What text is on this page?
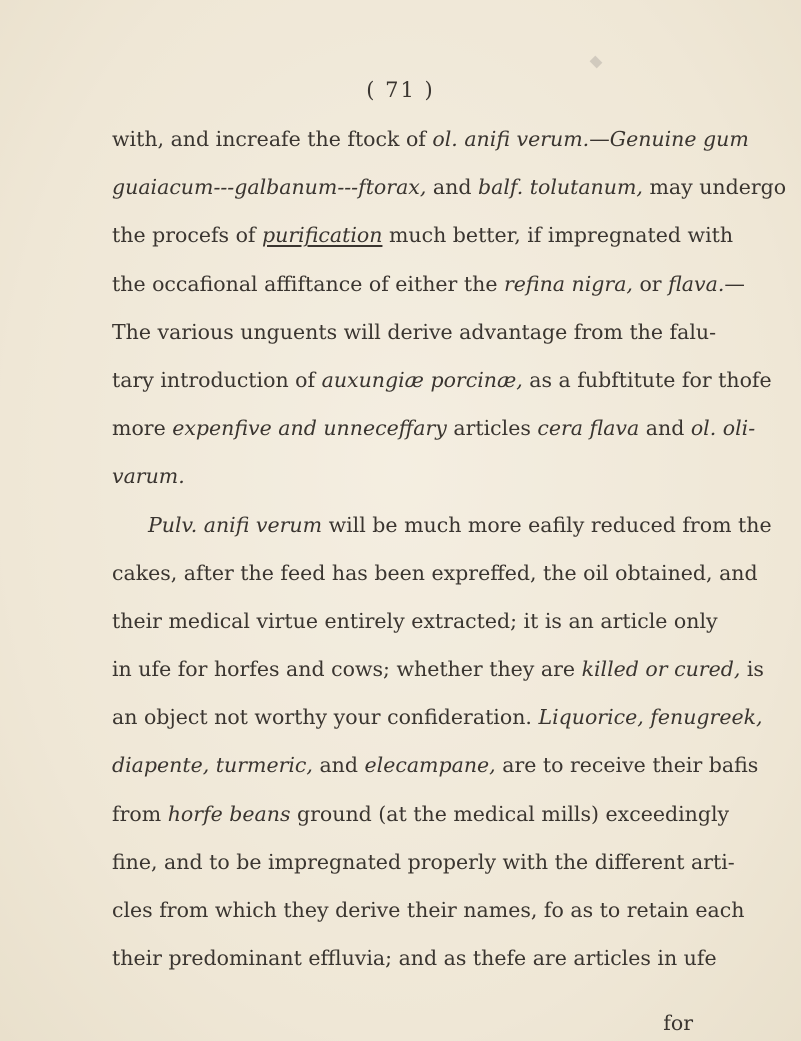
( 71 )
with, and increafe the ftock of ol. anifi verum.—Genuine gum
guaiacum---galbanum---ftorax, and balf. tolutanum, may undergo
the procefs of purification much better, if impregnated with
the occafional affiftance of either the refina nigra, or flava.—
The various unguents will derive advantage from the falu-
tary introduction of auxungiæ porcinæ, as a fubftitute for thofe
more expenfive and unneceffary articles cera flava and ol. oli-
varum.
Pulv. anifi verum will be much more eafily reduced from the
cakes, after the feed has been expreffed, the oil obtained, and
their medical virtue entirely extracted; it is an article only
in ufe for horfes and cows; whether they are killed or cured, is
an object not worthy your confideration. Liquorice, fenugreek,
diapente, turmeric, and elecampane, are to receive their bafis
from horfe beans ground (at the medical mills) exceedingly
fine, and to be impregnated properly with the different arti-
cles from which they derive their names, fo as to retain each
their predominant effluvia; and as thefe are articles in ufe
for
